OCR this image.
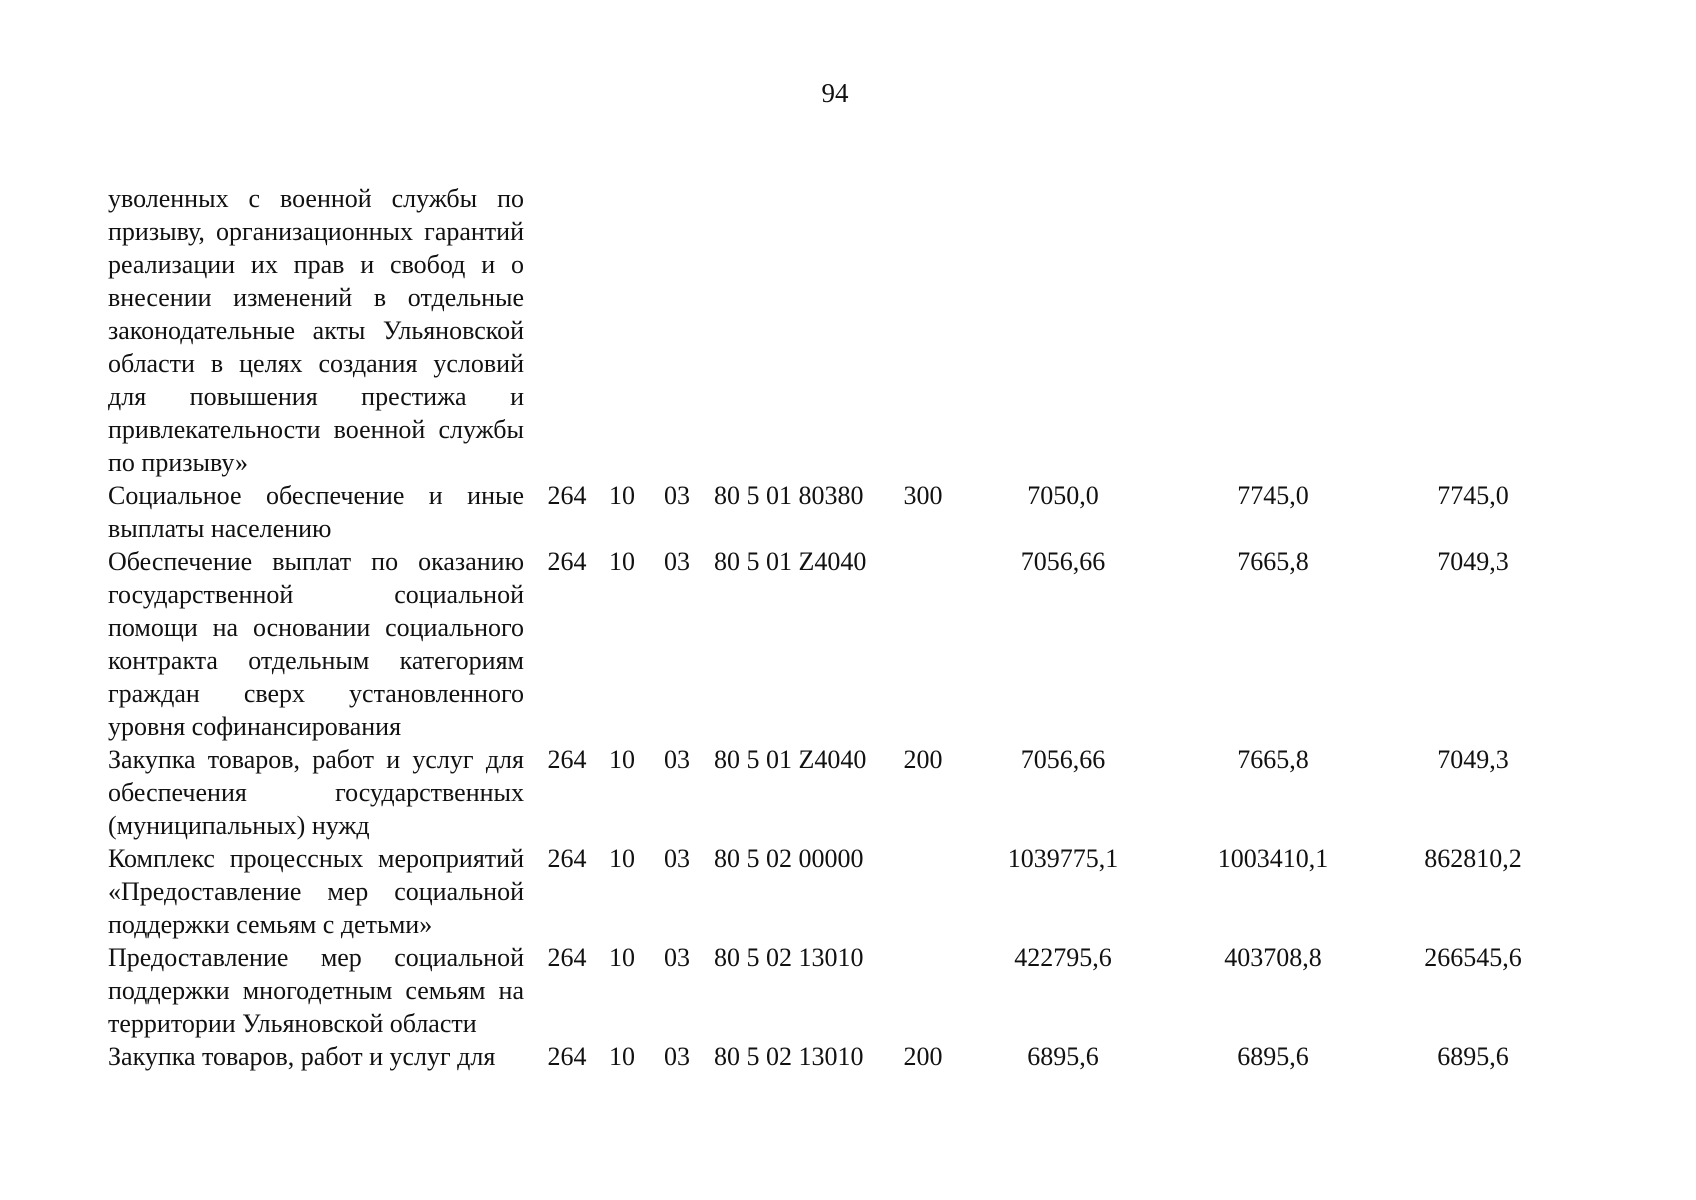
94
уволенных с военной службы по призыву, организационных гарантий реализации их прав и свобод и о внесении изменений в отдельные законодательные акты Ульяновской области в целях создания условий для повышения престижа и привлекательности военной службы по призыву»								
Социальное обеспечение и иные выплаты населению	264	10	03	80 5 01 80380	300	7050,0	7745,0	7745,0
Обеспечение выплат по оказанию государственной социальной помощи на основании социального контракта отдельным категориям граждан сверх установленного уровня софинансирования	264	10	03	80 5 01 Z4040		7056,66	7665,8	7049,3
Закупка товаров, работ и услуг для обеспечения государственных (муниципальных) нужд	264	10	03	80 5 01 Z4040	200	7056,66	7665,8	7049,3
Комплекс процессных мероприятий «Предоставление мер социальной поддержки семьям с детьми»	264	10	03	80 5 02 00000		1039775,1	1003410,1	862810,2
Предоставление мер социальной поддержки многодетным семьям на территории Ульяновской области	264	10	03	80 5 02 13010		422795,6	403708,8	266545,6
Закупка товаров, работ и услуг для	264	10	03	80 5 02 13010	200	6895,6	6895,6	6895,6
